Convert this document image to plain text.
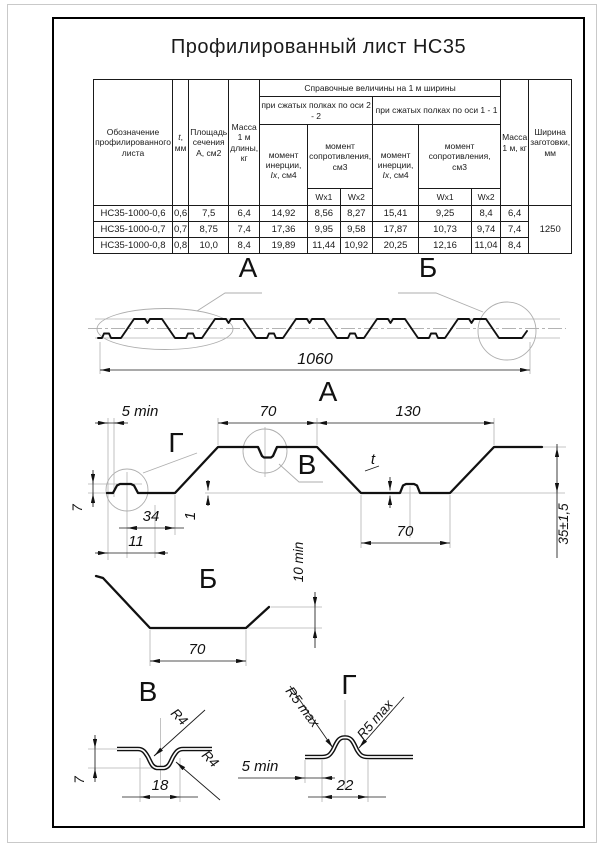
Профилированный лист НС35
Обозначение профилированного листа	t, мм	Площадь сечения А, см2	Масса 1 м длины, кг	Справочные величины на 1 м ширины						Масса 1 м, кг	Ширина заготовки, мм
				при сжатых полках по оси 2 - 2			при сжатых полках по оси 1 - 1				
				момент инерции, Ix, см4	момент сопротивления, см3		момент инерции, Ix, см4	момент сопротивления, см3			
					Wx1	Wx2		Wx1	Wx2		
НС35-1000-0,6	0,6	7,5	6,4	14,92	8,56	8,27	15,41	9,25	8,4	6,4	1250
НС35-1000-0,7	0,7	8,75	7,4	17,36	9,95	9,58	17,87	10,73	9,74	7,4	
НС35-1000-0,8	0,8	10,0	8,4	19,89	11,44	10,92	20,25	12,16	11,04	8,4	
А	Б
1060
А
5 min	70	130
Г
В
7	34
11
1
t
70	35±1,5
Б
70
10 min
В
R4
R4
7	18
Г
R5 max R5 max
5 min
22
